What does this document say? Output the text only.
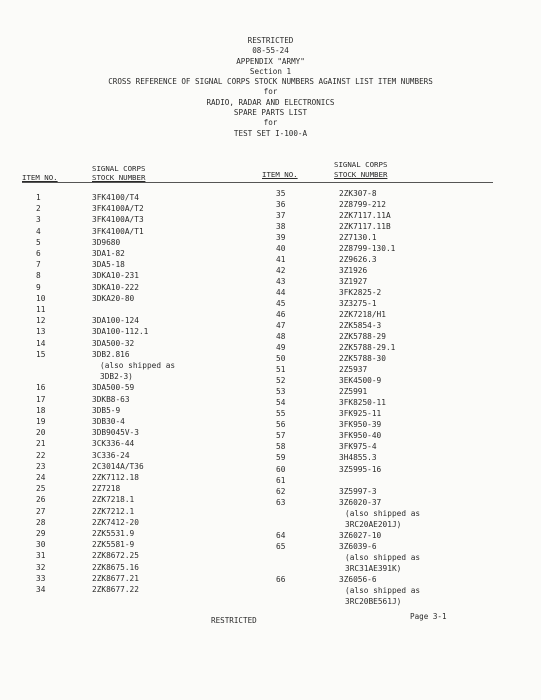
RESTRICTED
08-55-24
APPENDIX "ARMY"
Section 1
CROSS REFERENCE OF SIGNAL CORPS STOCK NUMBERS AGAINST LIST ITEM NUMBERS
for
RADIO, RADAR AND ELECTRONICS
SPARE PARTS LIST
for
TEST SET I-100-A
SIGNAL CORPS
STOCK NUMBER
ITEM NO.
SIGNAL CORPS
STOCK NUMBER
ITEM NO.
1	3FK4100/T4
2	3FK4100A/T2
3	3FK4100A/T3
4	3FK4100A/T1
5	3D9680
6	3DA1-82
7	3DA5-18
8	3DKA10-231
9	3DKA10-222
10	3DKA20-80
11
12	3DA100-124
13	3DA100-112.1
14	3DA500-32
15	3DB2.816
(also shipped as
3DB2-3)
16	3DA500-59
17	3DKB8-63
18	3DB5-9
19	3DB30-4
20	3DB9045V-3
21	3CK336-44
22	3C336-24
23	2C3014A/T36
24	2ZK7112.18
25	2Z7218
26	2ZK7218.1
27	2ZK7212.1
28	2ZK7412-20
29	2ZK5531.9
30	2ZK5581-9
31	2ZK8672.25
32	2ZK8675.16
33	2ZK8677.21
34	2ZK8677.22
35	2ZK307-8
36	2Z8799-212
37	2ZK7117.11A
38	2ZK7117.11B
39	2Z7130.1
40	2Z8799-130.1
41	2Z9626.3
42	3Z1926
43	3Z1927
44	3FK2825-2
45	3Z3275-1
46	2ZK7218/H1
47	2ZK5854-3
48	2ZK5788-29
49	2ZK5788-29.1
50	2ZK5788-30
51	2Z5937
52	3EK4500-9
53	2Z5991
54	3FK8250-11
55	3FK925-11
56	3FK950-39
57	3FK950-40
58	3FK975-4
59	3H4855.3
60	3Z5995-16
61
62	3Z5997-3
63	3Z6020-37
(also shipped as
3RC20AE201J)
64	3Z6027-10
65	3Z6039-6
(also shipped as
3RC31AE391K)
66	3Z6056-6
(also shipped as
3RC20BE561J)
RESTRICTED	Page 3-1
